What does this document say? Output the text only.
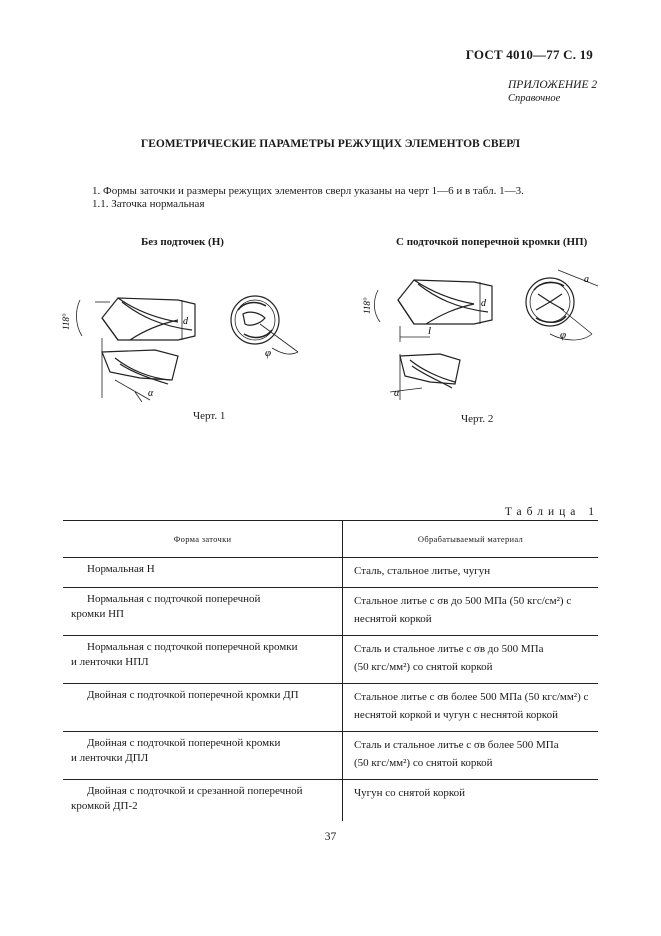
ГОСТ 4010—77 С. 19
ПРИЛОЖЕНИЕ 2
Справочное
ГЕОМЕТРИЧЕСКИЕ ПАРАМЕТРЫ РЕЖУЩИХ ЭЛЕМЕНТОВ СВЕРЛ
1. Формы заточки и размеры режущих элементов сверл указаны на черт 1—6 и в табл. 1—3.
1.1. Заточка нормальная
Без подточек (Н)	С подточкой поперечной кромки (НП)
118°	d
φ
α
118°	d
l
a
φ
α
Черт. 1	Черт. 2
Таблица 1
Форма заточки	Обрабатываемый материал
Нормальная Н	Сталь, стальное литье, чугун
Нормальная с подточкой поперечной
кромки НП	Стальное литье с σв до 500 МПа (50 кгс/см²) с
неснятой коркой
Нормальная с подточкой поперечной кромки
и ленточки НПЛ	Сталь и стальное литье с σв до 500 МПа
(50 кгс/мм²) со снятой коркой
Двойная с подточкой поперечной кромки ДП	Стальное литье с σв более 500 МПа (50 кгс/мм²) с
неснятой коркой и чугун с неснятой коркой
Двойная с подточкой поперечной кромки
и ленточки ДПЛ	Сталь и стальное литье с σв более 500 МПа
(50 кгс/мм²) со снятой коркой
Двойная с подточкой и срезанной поперечной
кромкой ДП-2	Чугун со снятой коркой
37
